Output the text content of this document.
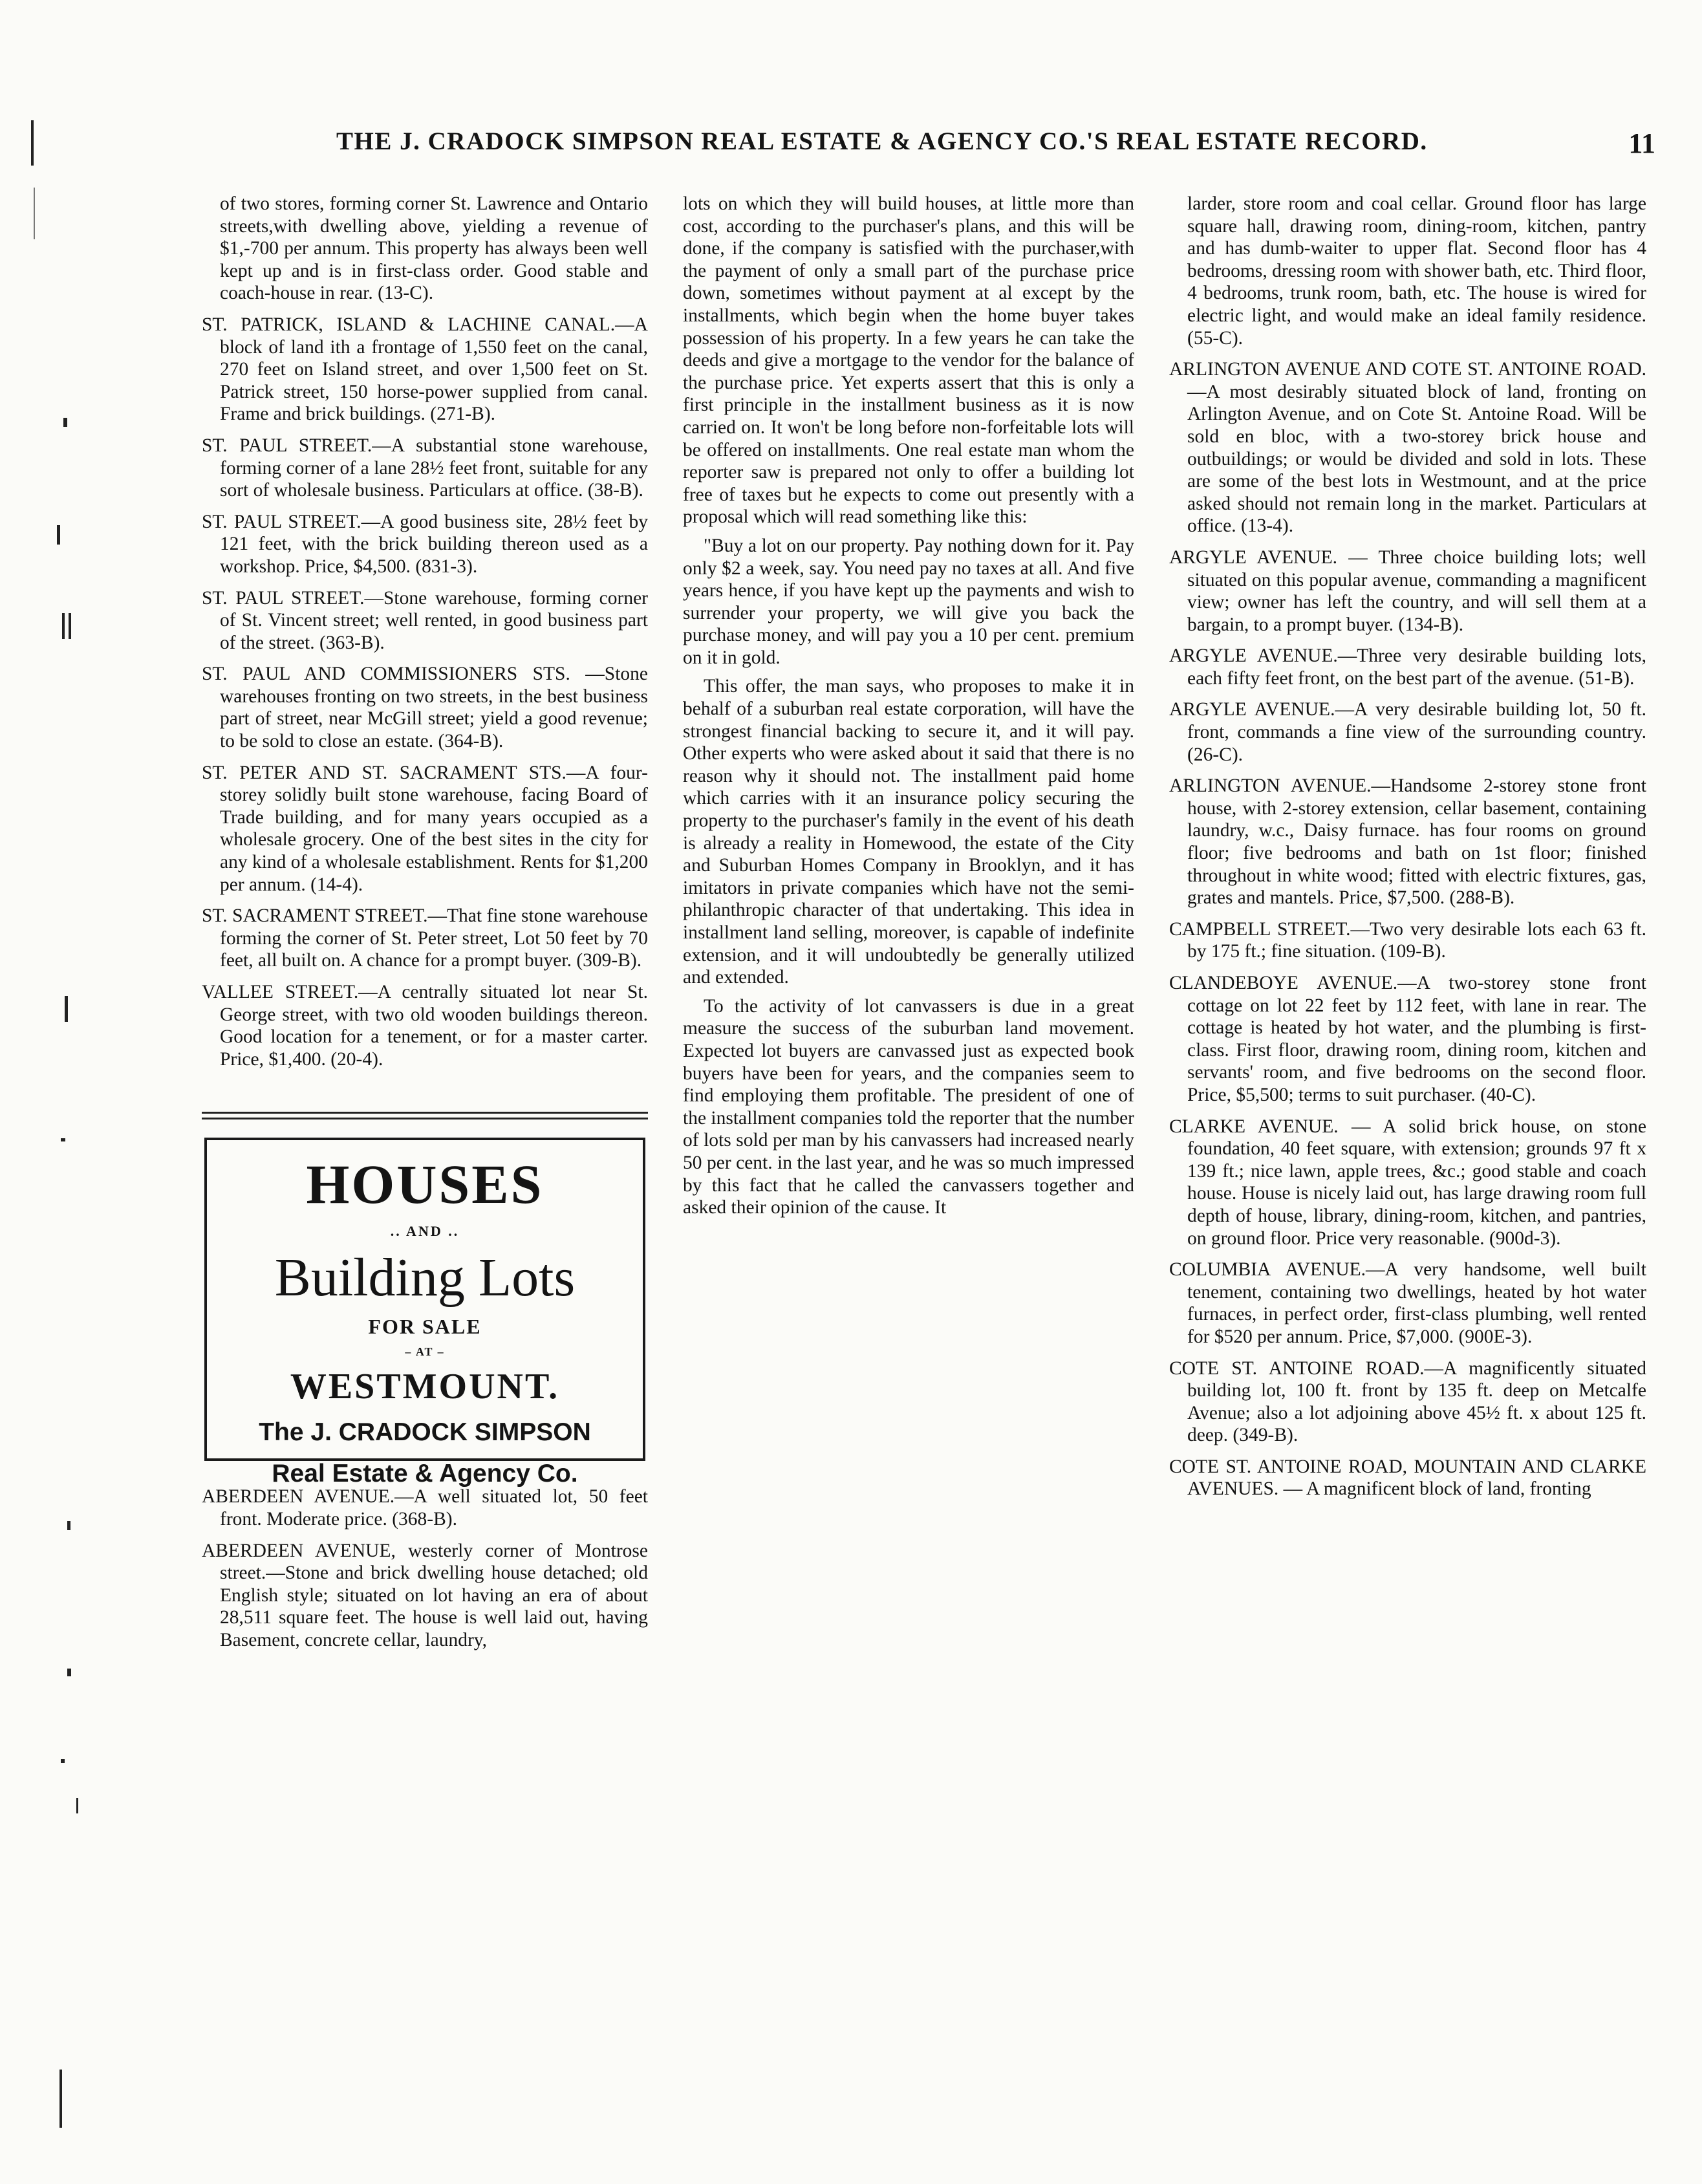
THE J. CRADOCK SIMPSON REAL ESTATE & AGENCY CO.'S REAL ESTATE RECORD.	11

of two stores, forming corner St. Lawrence and Ontario streets,with dwelling above, yielding a revenue of $1,-700 per annum. This property has always been well kept up and is in first-class order. Good stable and coach-house in rear. (13-C).

ST. PATRICK, ISLAND & LACHINE CANAL.—A block of land ith a frontage of 1,550 feet on the canal, 270 feet on Island street, and over 1,500 feet on St. Patrick street, 150 horse-power supplied from canal. Frame and brick buildings. (271-B).

ST. PAUL STREET.—A substantial stone warehouse, forming corner of a lane 28½ feet front, suitable for any sort of wholesale business. Particulars at office. (38-B).

ST. PAUL STREET.—A good business site, 28½ feet by 121 feet, with the brick building thereon used as a workshop. Price, $4,500. (831-3).

ST. PAUL STREET.—Stone warehouse, forming corner of St. Vincent street; well rented, in good business part of the street. (363-B).

ST. PAUL AND COMMISSIONERS STS. —Stone warehouses fronting on two streets, in the best business part of street, near McGill street; yield a good revenue; to be sold to close an estate. (364-B).

ST. PETER AND ST. SACRAMENT STS.—A four-storey solidly built stone warehouse, facing Board of Trade building, and for many years occupied as a wholesale grocery. One of the best sites in the city for any kind of a wholesale establishment. Rents for $1,200 per annum. (14-4).

ST. SACRAMENT STREET.—That fine stone warehouse forming the corner of St. Peter street, Lot 50 feet by 70 feet, all built on. A chance for a prompt buyer. (309-B).

VALLEE STREET.—A centrally situated lot near St. George street, with two old wooden buildings thereon. Good location for a tenement, or for a master carter. Price, $1,400. (20-4).

HOUSES
.. AND ..
Building Lots
FOR SALE
– AT –
WESTMOUNT.
The J. CRADOCK SIMPSON
Real Estate & Agency Co.

ABERDEEN AVENUE.—A well situated lot, 50 feet front. Moderate price. (368-B).

ABERDEEN AVENUE, westerly corner of Montrose street.—Stone and brick dwelling house detached; old English style; situated on lot having an era of about 28,511 square feet. The house is well laid out, having Basement, concrete cellar, laundry,

lots on which they will build houses, at little more than cost, according to the purchaser's plans, and this will be done, if the company is satisfied with the purchaser,with the payment of only a small part of the purchase price down, sometimes without payment at al except by the installments, which begin when the home buyer takes possession of his property. In a few years he can take the deeds and give a mortgage to the vendor for the balance of the purchase price. Yet experts assert that this is only a first principle in the installment business as it is now carried on. It won't be long before non-forfeitable lots will be offered on installments. One real estate man whom the reporter saw is prepared not only to offer a building lot free of taxes but he expects to come out presently with a proposal which will read something like this:

"Buy a lot on our property. Pay nothing down for it. Pay only $2 a week, say. You need pay no taxes at all. And five years hence, if you have kept up the payments and wish to surrender your property, we will give you back the purchase money, and will pay you a 10 per cent. premium on it in gold.

This offer, the man says, who proposes to make it in behalf of a suburban real estate corporation, will have the strongest financial backing to secure it, and it will pay. Other experts who were asked about it said that there is no reason why it should not. The installment paid home which carries with it an insurance policy securing the property to the purchaser's family in the event of his death is already a reality in Homewood, the estate of the City and Suburban Homes Company in Brooklyn, and it has imitators in private companies which have not the semi-philanthropic character of that undertaking. This idea in installment land selling, moreover, is capable of indefinite extension, and it will undoubtedly be generally utilized and extended.

To the activity of lot canvassers is due in a great measure the success of the suburban land movement. Expected lot buyers are canvassed just as expected book buyers have been for years, and the companies seem to find employing them profitable. The president of one of the installment companies told the reporter that the number of lots sold per man by his canvassers had increased nearly 50 per cent. in the last year, and he was so much impressed by this fact that he called the canvassers together and asked their opinion of the cause. It

larder, store room and coal cellar. Ground floor has large square hall, drawing room, dining-room, kitchen, pantry and has dumb-waiter to upper flat. Second floor has 4 bedrooms, dressing room with shower bath, etc. Third floor, 4 bedrooms, trunk room, bath, etc. The house is wired for electric light, and would make an ideal family residence. (55-C).

ARLINGTON AVENUE AND COTE ST. ANTOINE ROAD.—A most desirably situated block of land, fronting on Arlington Avenue, and on Cote St. Antoine Road. Will be sold en bloc, with a two-storey brick house and outbuildings; or would be divided and sold in lots. These are some of the best lots in Westmount, and at the price asked should not remain long in the market. Particulars at office. (13-4).

ARGYLE AVENUE. — Three choice building lots; well situated on this popular avenue, commanding a magnificent view; owner has left the country, and will sell them at a bargain, to a prompt buyer. (134-B).

ARGYLE AVENUE.—Three very desirable building lots, each fifty feet front, on the best part of the avenue. (51-B).

ARGYLE AVENUE.—A very desirable building lot, 50 ft. front, commands a fine view of the surrounding country. (26-C).

ARLINGTON AVENUE.—Handsome 2-storey stone front house, with 2-storey extension, cellar basement, containing laundry, w.c., Daisy furnace. has four rooms on ground floor; five bedrooms and bath on 1st floor; finished throughout in white wood; fitted with electric fixtures, gas, grates and mantels. Price, $7,500. (288-B).

CAMPBELL STREET.—Two very desirable lots each 63 ft. by 175 ft.; fine situation. (109-B).

CLANDEBOYE AVENUE.—A two-storey stone front cottage on lot 22 feet by 112 feet, with lane in rear. The cottage is heated by hot water, and the plumbing is first-class. First floor, drawing room, dining room, kitchen and servants' room, and five bedrooms on the second floor. Price, $5,500; terms to suit purchaser. (40-C).

CLARKE AVENUE. — A solid brick house, on stone foundation, 40 feet square, with extension; grounds 97 ft x 139 ft.; nice lawn, apple trees, &c.; good stable and coach house. House is nicely laid out, has large drawing room full depth of house, library, dining-room, kitchen, and pantries, on ground floor. Price very reasonable. (900d-3).

COLUMBIA AVENUE.—A very handsome, well built tenement, containing two dwellings, heated by hot water furnaces, in perfect order, first-class plumbing, well rented for $520 per annum. Price, $7,000. (900E-3).

COTE ST. ANTOINE ROAD.—A magnificently situated building lot, 100 ft. front by 135 ft. deep on Metcalfe Avenue; also a lot adjoining above 45½ ft. x about 125 ft. deep. (349-B).

COTE ST. ANTOINE ROAD, MOUNTAIN AND CLARKE AVENUES. — A magnificent block of land, fronting
